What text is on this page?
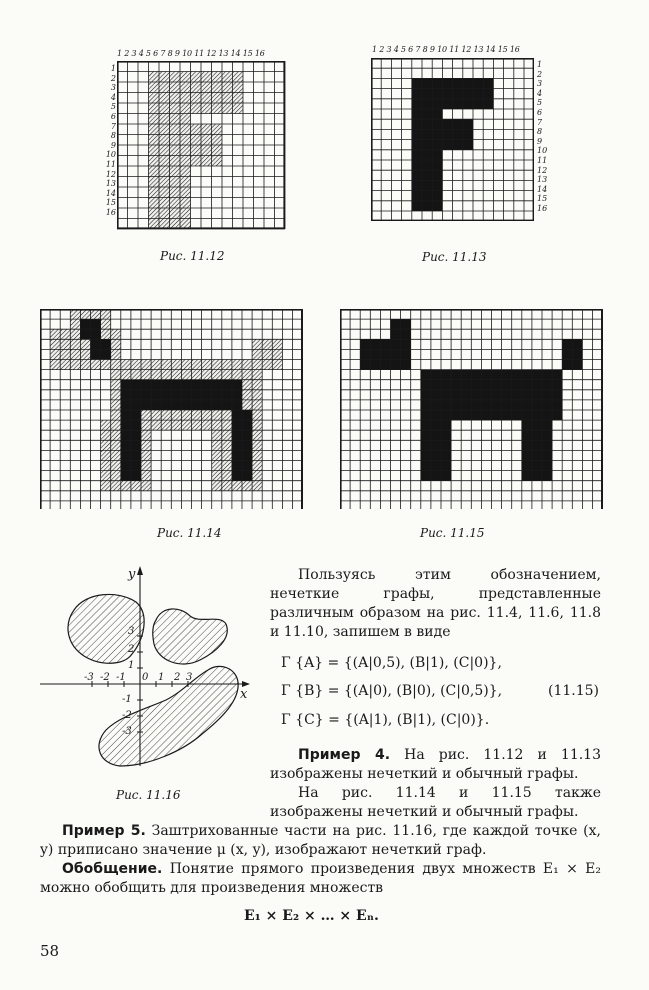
1 2 3 4 5 6 7 8 9 10 11 12 13 14 15 16
1
2
3
4
5
6
7
8
9
10
11
12
13
14
15
16
Рис. 11.12
1 2 3 4 5 6 7 8 9 10 11 12 13 14 15 16
1
2
3
4
5
6
7
8
9
10
11
12
13
14
15
16
Рис. 11.13
Рис. 11.14	Рис. 11.15
y
x
-3 -2 -1 0 1 2 3
3
2
1
-1
-2
-3
Рис. 11.16

Пользуясь этим обозначением, нечеткие графы, представленные различным образом на рис. 11.4, 11.6, 11.8 и 11.10, запишем в виде

Γ {A} = {(A|0,5), (B|1), (C|0)},
Γ {B} = {(A|0), (B|0), (C|0,5)},	(11.15)
Γ {C} = {(A|1), (B|1), (C|0)}.

Пример 4. На рис. 11.12 и 11.13 изображены нечеткий и обычный графы.

На рис. 11.14 и 11.15 также изображены нечеткий и обычный графы.

Пример 5. Заштрихованные части на рис. 11.16, где каждой точке (x, y) приписано значение μ (x, y), изображают нечеткий граф.

Обобщение. Понятие прямого произведения двух множеств E₁ × E₂ можно обобщить для произведения множеств

E₁ × E₂ × … × Eₙ.
58
